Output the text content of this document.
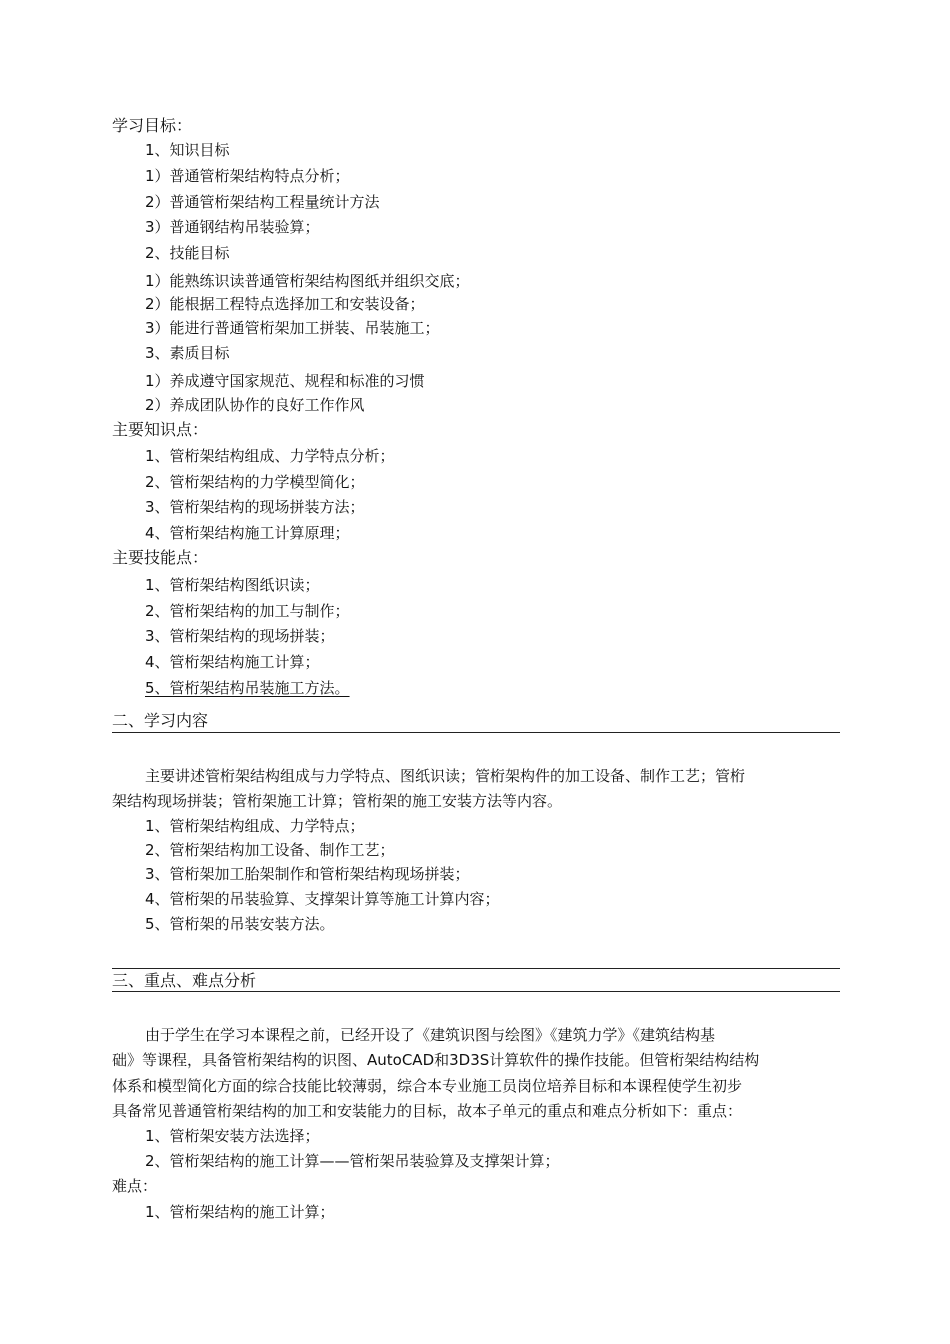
学习目标：
1、知识目标
1）普通管桁架结构特点分析；
2）普通管桁架结构工程量统计方法
3）普通钢结构吊装验算；
2、技能目标
1）能熟练识读普通管桁架结构图纸并组织交底；
2）能根据工程特点选择加工和安装设备；
3）能进行普通管桁架加工拼装、吊装施工；
3、素质目标
1）养成遵守国家规范、规程和标准的习惯
2）养成团队协作的良好工作作风
主要知识点：
1、管桁架结构组成、力学特点分析；
2、管桁架结构的力学模型简化；
3、管桁架结构的现场拼装方法；
4、管桁架结构施工计算原理；
主要技能点：
1、管桁架结构图纸识读；
2、管桁架结构的加工与制作；
3、管桁架结构的现场拼装；
4、管桁架结构施工计算；
5、管桁架结构吊装施工方法。
二、学习内容
主要讲述管桁架结构组成与力学特点、图纸识读；管桁架构件的加工设备、制作工艺；管桁
架结构现场拼装；管桁架施工计算；管桁架的施工安装方法等内容。
1、管桁架结构组成、力学特点；
2、管桁架结构加工设备、制作工艺；
3、管桁架加工胎架制作和管桁架结构现场拼装；
4、管桁架的吊装验算、支撑架计算等施工计算内容；
5、管桁架的吊装安装方法。
三、重点、难点分析
由于学生在学习本课程之前，已经开设了《建筑识图与绘图》《建筑力学》《建筑结构基
础》等课程，具备管桁架结构的识图、AutoCAD和3D3S计算软件的操作技能。但管桁架结构结构
体系和模型简化方面的综合技能比较薄弱，综合本专业施工员岗位培养目标和本课程使学生初步
具备常见普通管桁架结构的加工和安装能力的目标，故本子单元的重点和难点分析如下：重点：
1、管桁架安装方法选择；
2、管桁架结构的施工计算——管桁架吊装验算及支撑架计算；
难点：
1、管桁架结构的施工计算；
